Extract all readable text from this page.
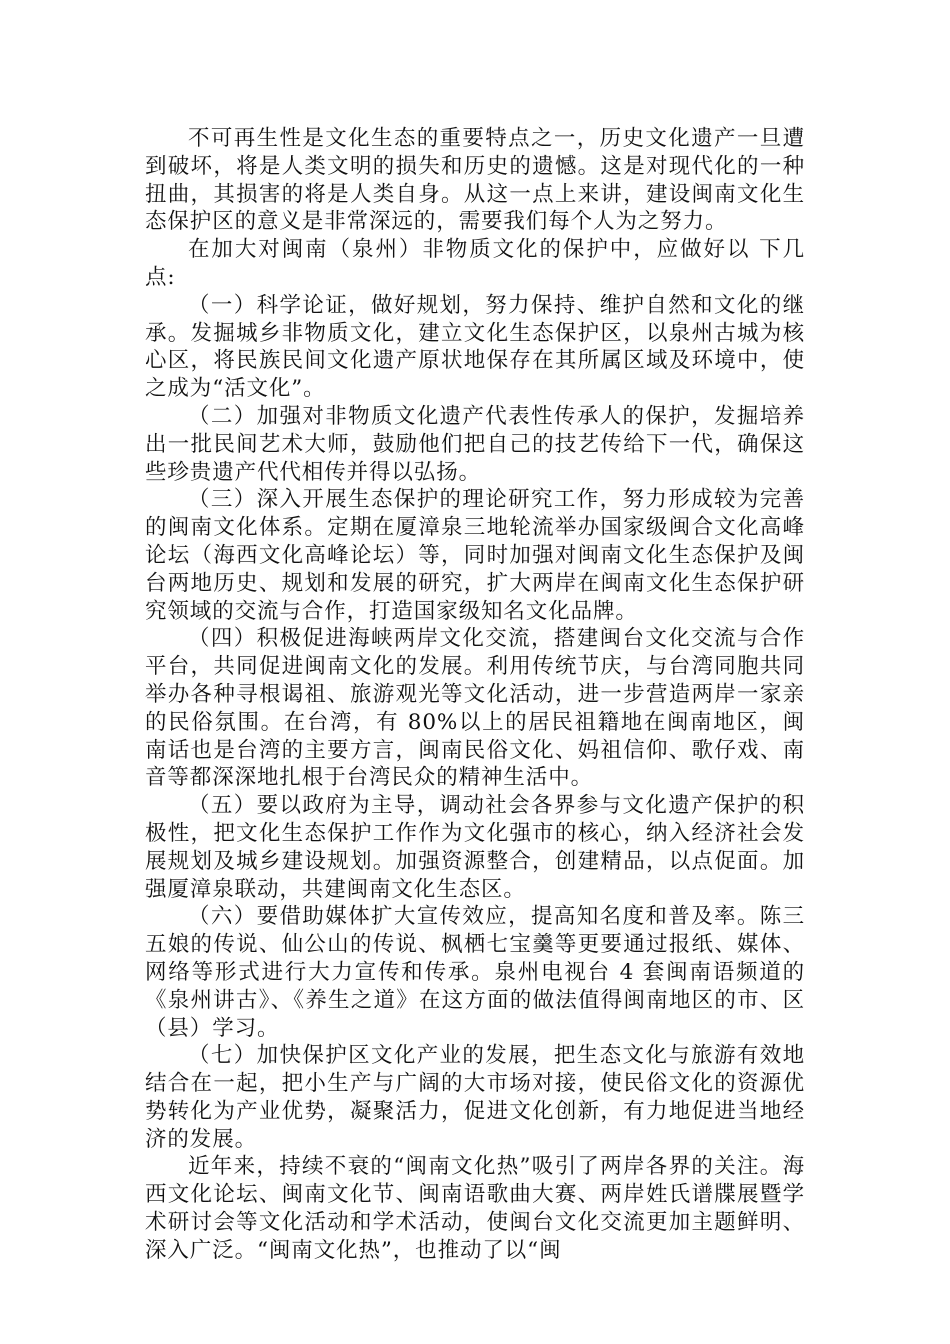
不可再生性是文化生态的重要特点之一，历史文化遗产一旦遭到破坏，将是人类文明的损失和历史的遗憾。这是对现代化的一种扭曲，其损害的将是人类自身。从这一点上来讲，建设闽南文化生态保护区的意义是非常深远的，需要我们每个人为之努力。

在加大对闽南（泉州）非物质文化的保护中，应做好以 下几点:

（一）科学论证，做好规划，努力保持、维护自然和文化的继承。发掘城乡非物质文化，建立文化生态保护区，以泉州古城为核心区，将民族民间文化遗产原状地保存在其所属区域及环境中，使之成为“活文化”。

（二）加强对非物质文化遗产代表性传承人的保护，发掘培养出一批民间艺术大师，鼓励他们把自己的技艺传给下一代，确保这些珍贵遗产代代相传并得以弘扬。

（三）深入开展生态保护的理论研究工作，努力形成较为完善的闽南文化体系。定期在厦漳泉三地轮流举办国家级闽合文化高峰论坛（海西文化高峰论坛）等，同时加强对闽南文化生态保护及闽台两地历史、规划和发展的研究，扩大两岸在闽南文化生态保护研究领域的交流与合作，打造国家级知名文化品牌。

（四）积极促进海峡两岸文化交流，搭建闽台文化交流与合作平台，共同促进闽南文化的发展。利用传统节庆，与台湾同胞共同举办各种寻根谒祖、旅游观光等文化活动，进一步营造两岸一家亲的民俗氛围。在台湾，有 80%以上的居民祖籍地在闽南地区，闽南话也是台湾的主要方言，闽南民俗文化、妈祖信仰、歌仔戏、南音等都深深地扎根于台湾民众的精神生活中。

（五）要以政府为主导，调动社会各界参与文化遗产保护的积极性，把文化生态保护工作作为文化强市的核心，纳入经济社会发展规划及城乡建设规划。加强资源整合，创建精品，以点促面。加强厦漳泉联动，共建闽南文化生态区。

（六）要借助媒体扩大宣传效应，提高知名度和普及率。陈三五娘的传说、仙公山的传说、枫栖七宝羹等更要通过报纸、媒体、网络等形式进行大力宣传和传承。泉州电视台 4 套闽南语频道的《泉州讲古》、《养生之道》在这方面的做法值得闽南地区的市、区（县）学习。

（七）加快保护区文化产业的发展，把生态文化与旅游有效地结合在一起，把小生产与广阔的大市场对接，使民俗文化的资源优势转化为产业优势，凝聚活力，促进文化创新，有力地促进当地经济的发展。

近年来，持续不衰的“闽南文化热”吸引了两岸各界的关注。海西文化论坛、闽南文化节、闽南语歌曲大赛、两岸姓氏谱牒展暨学术研讨会等文化活动和学术活动，使闽台文化交流更加主题鲜明、深入广泛。“闽南文化热”，也推动了以“闽
